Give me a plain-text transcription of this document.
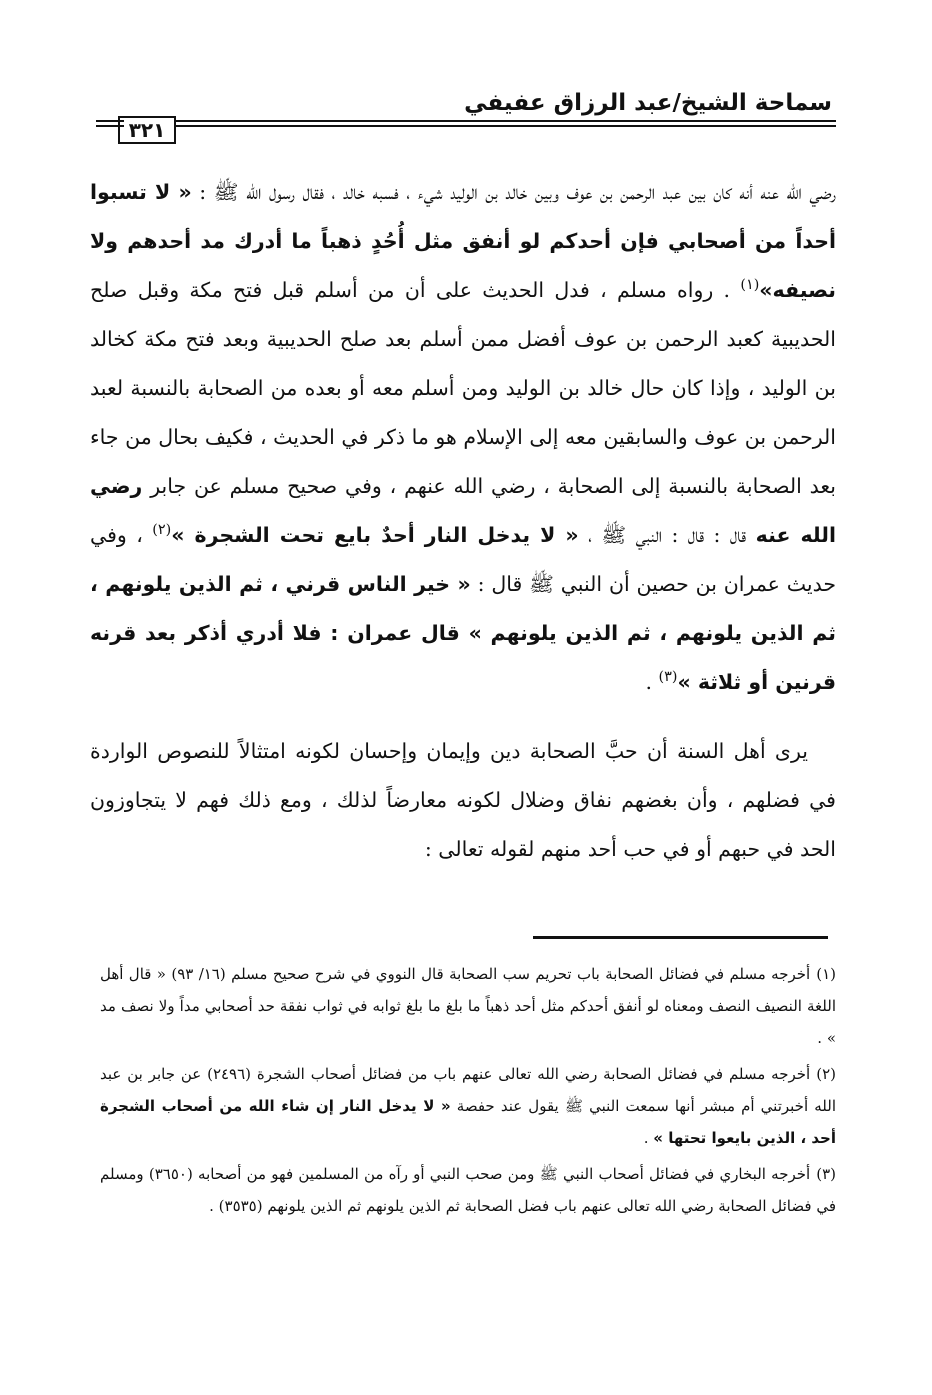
سماحة الشيخ/عبد الرزاق عفيفي
٣٢١

رضي الله عنه أنه كان بين عبد الرحمن بن عوف وبين خالد بن الوليد شيء ، فسبه خالد ، فقال رسول الله ﷺ : « لا تسبوا أحداً من أصحابي فإن أحدكم لو أنفق مثل أُحُدٍ ذهباً ما أدرك مد أحدهم ولا نصيفه»$^{(١)}$ . رواه مسلم ، فدل الحديث على أن من أسلم قبل فتح مكة وقبل صلح الحديبية كعبد الرحمن بن عوف أفضل ممن أسلم بعد صلح الحديبية وبعد فتح مكة كخالد بن الوليد ، وإذا كان حال خالد بن الوليد ومن أسلم معه أو بعده من الصحابة بالنسبة لعبد الرحمن بن عوف والسابقين معه إلى الإسلام هو ما ذكر في الحديث ، فكيف بحال من جاء بعد الصحابة بالنسبة إلى الصحابة ، رضي الله عنهم ، وفي صحيح مسلم عن جابر رضي الله عنه قال : قال : النبي ﷺ ، « لا يدخل النار أحدٌ بايع تحت الشجرة »$^{(٢)}$ ، وفي حديث عمران بن حصين أن النبي ﷺ قال : « خير الناس قرني ، ثم الذين يلونهم ، ثم الذين يلونهم ، ثم الذين يلونهم » قال عمران : فلا أدري أذكر بعد قرنه قرنين أو ثلاثة »$^{(٣)}$ .

يرى أهل السنة أن حبَّ الصحابة دين وإيمان وإحسان لكونه امتثالاً للنصوص الواردة في فضلهم ، وأن بغضهم نفاق وضلال لكونه معارضاً لذلك ، ومع ذلك فهم لا يتجاوزون الحد في حبهم أو في حب أحد منهم لقوله تعالى :

(١)أخرجه مسلم في فضائل الصحابة باب تحريم سب الصحابة قال النووي في شرح صحيح مسلم (١٦/ ٩٣) « قال أهل اللغة النصيف النصف ومعناه لو أنفق أحدكم مثل أحد ذهباً ما بلغ ما بلغ ثوابه في ثواب نفقة حد أصحابي مداً ولا نصف مد » .

(٢)أخرجه مسلم في فضائل الصحابة رضي الله تعالى عنهم باب من فضائل أصحاب الشجرة (٢٤٩٦) عن جابر بن عبد الله أخبرتني أم مبشر أنها سمعت النبي ﷺ يقول عند حفصة « لا يدخل النار إن شاء الله من أصحاب الشجرة أحد ، الذين بايعوا تحتها » .

(٣)أخرجه البخاري في فضائل أصحاب النبي ﷺ ومن صحب النبي أو رآه من المسلمين فهو من أصحابه (٣٦٥٠) ومسلم في فضائل الصحابة رضي الله تعالى عنهم باب فضل الصحابة ثم الذين يلونهم ثم الذين يلونهم (٣٥٣٥) .
